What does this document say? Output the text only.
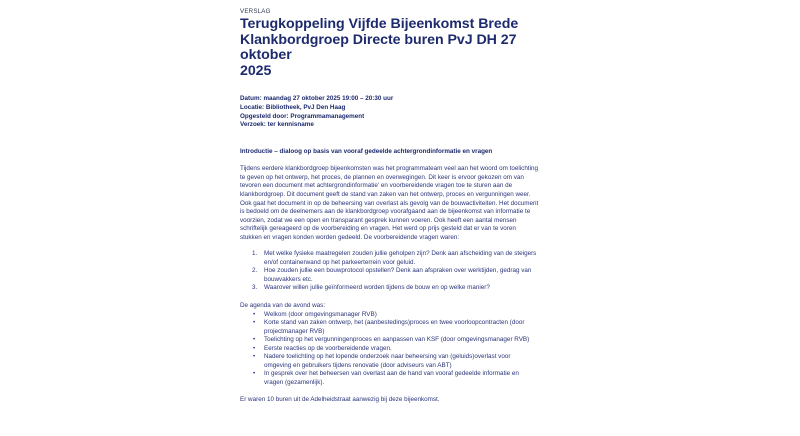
VERSLAG
Terugkoppeling Vijfde Bijeenkomst Brede
Klankbordgroep Directe buren PvJ DH 27 oktober
2025
Datum: maandag 27 oktober 2025 19:00 – 20:30 uur
Locatie: Bibliotheek, PvJ Den Haag
Opgesteld door: Programmamanagement
Verzoek: ter kennisname
Introductie – dialoog op basis van vooraf gedeelde achtergrondinformatie en vragen
Tijdens eerdere klankbordgroep bijeenkomsten was het programmateam veel aan het woord om toelichting
te geven op het ontwerp, het proces, de plannen en overwegingen. Dit keer is ervoor gekozen om van
tevoren een document met achtergrondinformatie' en voorbereidende vragen toe te sturen aan de
klankbordgroep. Dit document geeft de stand van zaken van het ontwerp, proces en vergunningen weer.
Ook gaat het document in op de beheersing van overlast als gevolg van de bouwactiviteiten. Het document
is bedoeld om de deelnemers aan de klankbordgroep voorafgaand aan de bijeenkomst van informatie te
voorzien, zodat we een open en transparant gesprek kunnen voeren. Ook heeft een aantal mensen
schriftelijk gereageerd op de voorbereiding en vragen. Het werd op prijs gesteld dat er van te voren
stukken en vragen konden worden gedeeld. De voorbereidende vragen waren:
1. Met welke fysieke maatregelen zouden jullie geholpen zijn? Denk aan afscheiding van de steigers
en/of containerwand op het parkeerterrein voor geluid.
2. Hoe zouden jullie een bouwprotocol opstellen? Denk aan afspraken over werktijden, gedrag van
bouwvakkers etc.
3. Waarover willen jullie geïnformeerd worden tijdens de bouw en op welke manier?
De agenda van de avond was:
• Welkom (door omgevingsmanager RVB)
• Korte stand van zaken ontwerp, het (aanbestedings)proces en twee voorloopcontracten (door
projectmanager RVB)
• Toelichting op het vergunningenproces en aanpassen van KSF (door omgevingsmanager RVB)
• Eerste reacties op de voorbereidende vragen.
• Nadere toelichting op het lopende onderzoek naar beheersing van (geluids)overlast voor
omgeving en gebruikers tijdens renovatie (door adviseurs van ABT)
• In gesprek over het beheersen van overlast aan de hand van vooraf gedeelde informatie en
vragen (gezamenlijk).
Er waren 10 buren uit de Adelheidstraat aanwezig bij deze bijeenkomst.
